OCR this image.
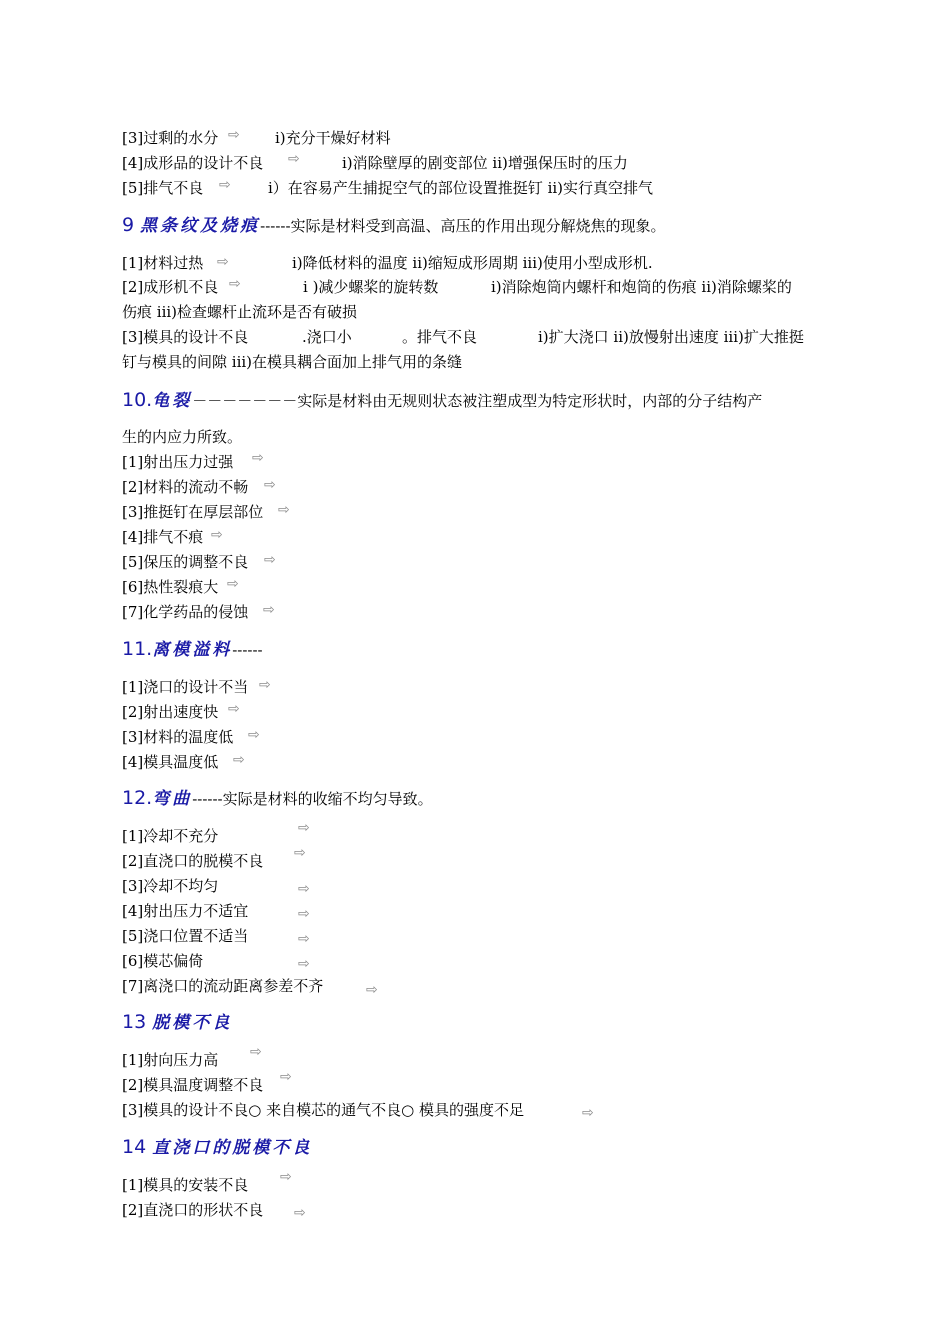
[3]过剩的水分	i)充分干燥好材料
⇨
[4]成形品的设计不良	i)消除壁厚的剧变部位 ii)增强保压时的压力
⇨
[5]排气不良	i）在容易产生捕捉空气的部位设置推挺钉 ii)实行真空排气
⇨
[1]材料过热	i)降低材料的温度 ii)缩短成形周期 iii)使用小型成形机.
⇨
[2]成形机不良	i )减少螺桨的旋转数	i)消除炮筒内螺杆和炮筒的伤痕 ii)消除螺桨的
⇨
伤痕 iii)检查螺杆止流环是否有破损
[3]模具的设计不良	.浇口小	。排气不良	i)扩大浇口 ii)放慢射出速度 iii)扩大推挺
钉与模具的间隙 iii)在模具耦合面加上排气用的条缝
生的内应力所致。
[1]射出压力过强 ⇨
[2]材料的流动不畅 ⇨
[3]推挺钉在厚层部位 ⇨
[4]排气不痕 ⇨
[5]保压的调整不良 ⇨
[6]热性裂痕大 ⇨
[7]化学药品的侵蚀 ⇨
[1]浇口的设计不当 ⇨
[2]射出速度快 ⇨
[3]材料的温度低 ⇨
[4]模具温度低 ⇨
[1]冷却不充分	⇨
[2]直浇口的脱模不良 ⇨
[3]冷却不均匀	⇨
[4]射出压力不适宜	⇨
[5]浇口位置不适当	⇨
[6]模芯偏倚	⇨
[7]离浇口的流动距离参差不齐	⇨
[1]射向压力高 ⇨
[2]模具温度调整不良 ⇨
[3]模具的设计不良○ 来自模芯的通气不良○ 模具的强度不足	⇨
[1]模具的安装不良 ⇨
[2]直浇口的形状不良 ⇨
9 黑条纹及烧痕------实际是材料受到高温、高压的作用出现分解烧焦的现象。
10.龟裂－－－－－－－实际是材料由无规则状态被注塑成型为特定形状时，内部的分子结构产
11.离模溢料------
12.弯曲------实际是材料的收缩不均匀导致。
13 脱模不良
14 直浇口的脱模不良
